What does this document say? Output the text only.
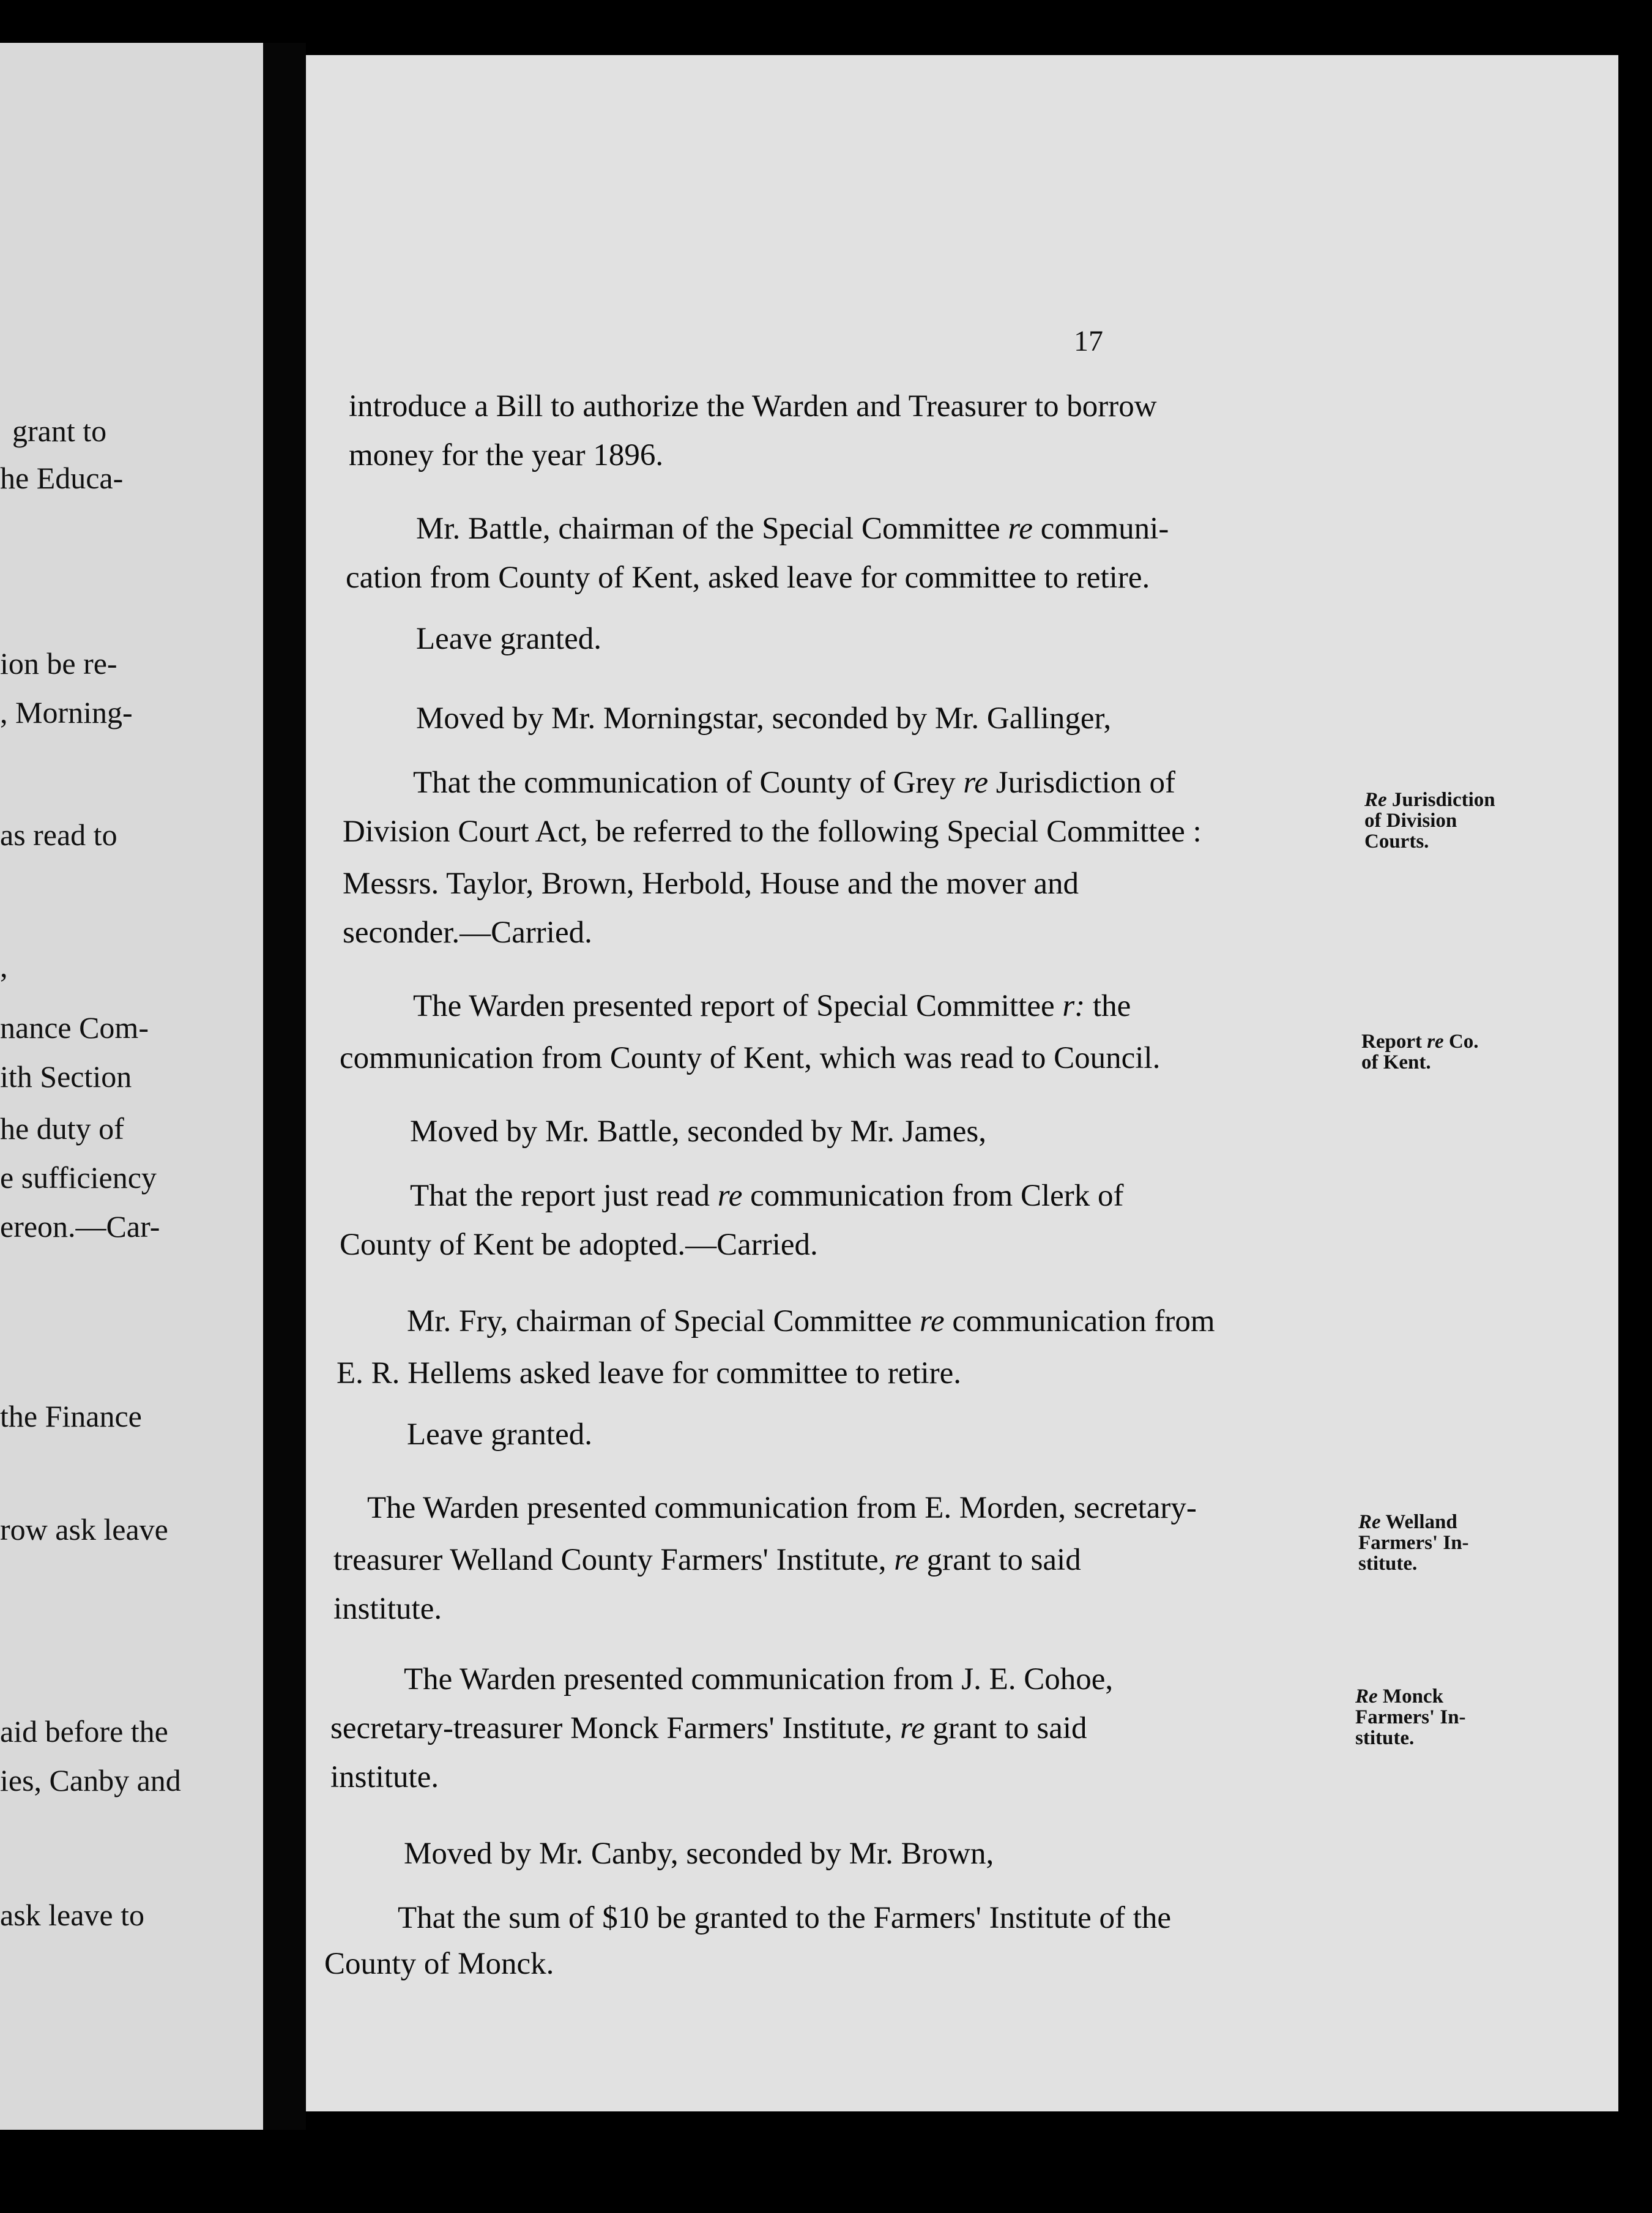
grant to
he Educa-
ion be re-
, Morning-
as read to
,
nance Com-
ith Section
he duty of
e sufficiency
ereon.—Car-
the Finance
row ask leave
aid before the
ies, Canby and
ask leave to
17
introduce a Bill to authorize the Warden and Treasurer to borrow
money for the year 1896.
Mr. Battle, chairman of the Special Committee re communi-
cation from County of Kent, asked leave for committee to retire.
Leave granted.
Moved by Mr. Morningstar, seconded by Mr. Gallinger,
That the communication of County of Grey re Jurisdiction of
Division Court Act, be referred to the following Special Committee :
Messrs. Taylor, Brown, Herbold, House and the mover and
seconder.—Carried.
The Warden presented report of Special Committee r: the
communication from County of Kent, which was read to Council.
Moved by Mr. Battle, seconded by Mr. James,
That the report just read re communication from Clerk of
County of Kent be adopted.—Carried.
Mr. Fry, chairman of Special Committee re communication from
E. R. Hellems asked leave for committee to retire.
Leave granted.
The Warden presented communication from E. Morden, secretary-
treasurer Welland County Farmers' Institute, re grant to said
institute.
The Warden presented communication from J. E. Cohoe,
secretary-treasurer Monck Farmers' Institute, re grant to said
institute.
Moved by Mr. Canby, seconded by Mr. Brown,
That the sum of $10 be granted to the Farmers' Institute of the
County of Monck.
Re Jurisdiction
of Division
Courts.
Report re Co.
of Kent.
Re Welland
Farmers' In-
stitute.
Re Monck
Farmers' In-
stitute.
